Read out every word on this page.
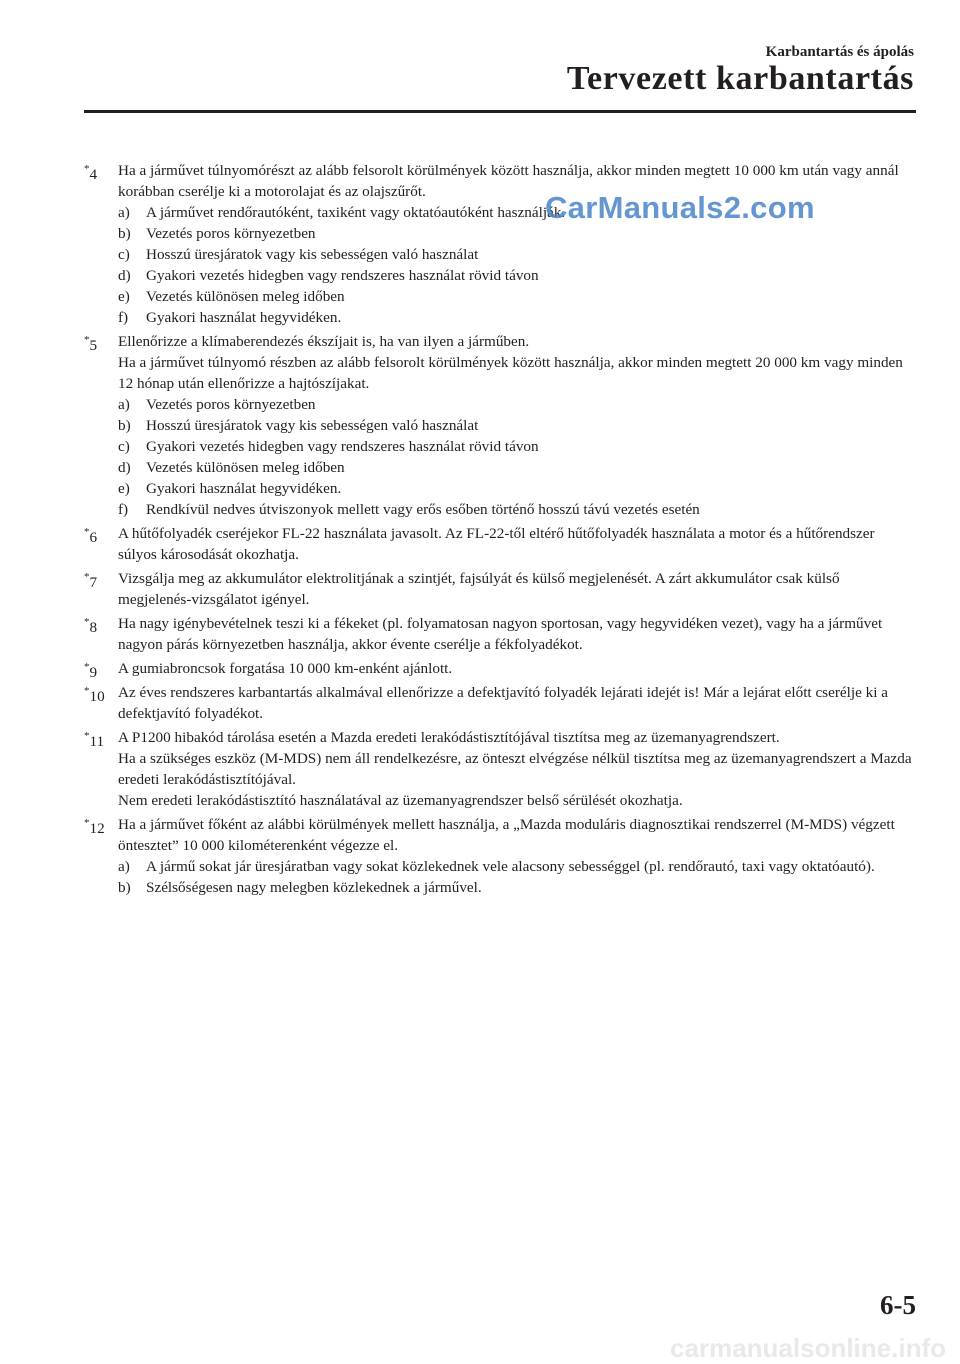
Karbantartás és ápolás
Tervezett karbantartás
*4 Ha a járművet túlnyomórészt az alább felsorolt körülmények között használja, akkor minden megtett 10 000 km után vagy annál korábban cserélje ki a motorolajat és az olajszűrőt.
a) A járművet rendőrautóként, taxiként vagy oktatóautóként használják.
b) Vezetés poros környezetben
c) Hosszú üresjáratok vagy kis sebességen való használat
d) Gyakori vezetés hidegben vagy rendszeres használat rövid távon
e) Vezetés különösen meleg időben
f) Gyakori használat hegyvidéken.
*5 Ellenőrizze a klímaberendezés ékszíjait is, ha van ilyen a járműben.
Ha a járművet túlnyomó részben az alább felsorolt körülmények között használja, akkor minden megtett 20 000 km vagy minden 12 hónap után ellenőrizze a hajtószíjakat.
a) Vezetés poros környezetben
b) Hosszú üresjáratok vagy kis sebességen való használat
c) Gyakori vezetés hidegben vagy rendszeres használat rövid távon
d) Vezetés különösen meleg időben
e) Gyakori használat hegyvidéken.
f) Rendkívül nedves útviszonyok mellett vagy erős esőben történő hosszú távú vezetés esetén
*6 A hűtőfolyadék cseréjekor FL-22 használata javasolt. Az FL-22-től eltérő hűtőfolyadék használata a motor és a hűtőrendszer súlyos károsodását okozhatja.
*7 Vizsgálja meg az akkumulátor elektrolitjának a szintjét, fajsúlyát és külső megjelenését. A zárt akkumulátor csak külső megjelenés-vizsgálatot igényel.
*8 Ha nagy igénybevételnek teszi ki a fékeket (pl. folyamatosan nagyon sportosan, vagy hegyvidéken vezet), vagy ha a járművet nagyon párás környezetben használja, akkor évente cserélje a fékfolyadékot.
*9 A gumiabroncsok forgatása 10 000 km-enként ajánlott.
*10 Az éves rendszeres karbantartás alkalmával ellenőrizze a defektjavító folyadék lejárati idejét is! Már a lejárat előtt cserélje ki a defektjavító folyadékot.
*11 A P1200 hibakód tárolása esetén a Mazda eredeti lerakódástisztítójával tisztítsa meg az üzemanyagrendszert.
Ha a szükséges eszköz (M-MDS) nem áll rendelkezésre, az önteszt elvégzése nélkül tisztítsa meg az üzemanyagrendszert a Mazda eredeti lerakódástisztítójával.
Nem eredeti lerakódástisztító használatával az üzemanyagrendszer belső sérülését okozhatja.
*12 Ha a járművet főként az alábbi körülmények mellett használja, a „Mazda moduláris diagnosztikai rendszerrel (M-MDS) végzett öntesztet” 10 000 kilométerenként végezze el.
a) A jármű sokat jár üresjáratban vagy sokat közlekednek vele alacsony sebességgel (pl. rendőrautó, taxi vagy oktatóautó).
b) Szélsőségesen nagy melegben közlekednek a járművel.
CarManuals2.com
6-5
carmanualsonline.info
